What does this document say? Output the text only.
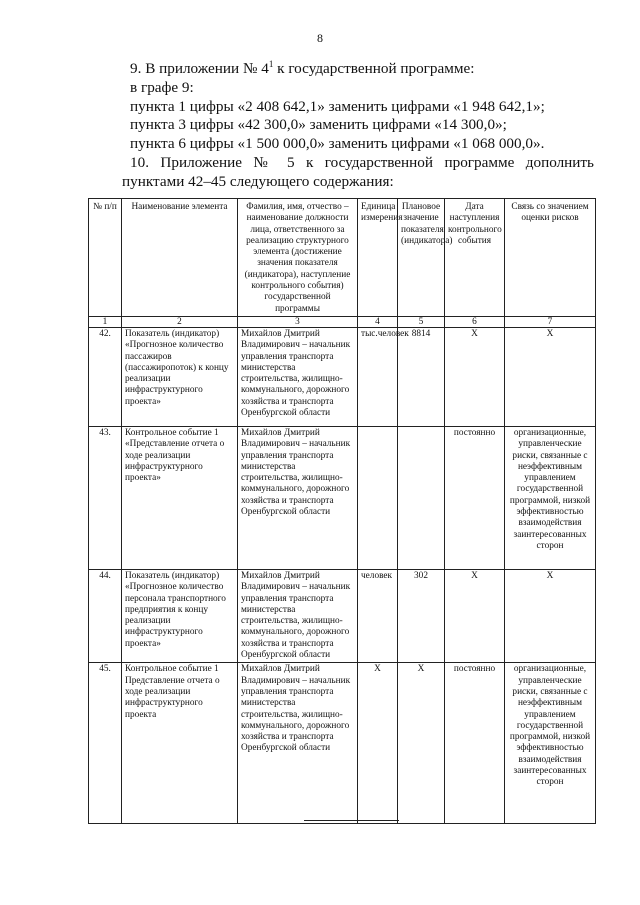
8

9. В приложении № $4^1$ к государственной программе:

в графе 9:

пункта 1 цифры «2 408 642,1» заменить цифрами «1 948 642,1»;

пункта 3 цифры «42 300,0» заменить цифрами «14 300,0»;

пункта 6 цифры «1 500 000,0» заменить цифрами «1 068 000,0».

10. Приложение № 5 к государственной программе дополнить

пунктами 42–45 следующего содержания:

№ п/п	Наименование элемента	Фамилия, имя, отчество – наименование должности лица, ответственного за реализацию структурного элемента (достижение значения показателя (индикатора), наступление контрольного события) государственной программы	Единица измерения	Плановое значение показателя (индикатора)	Дата наступления контрольного события	Связь со значением оценки рисков
1	2	3	4	5	6	7
42.	Показатель (индикатор) «Прогнозное количество пассажиров (пассажиропоток) к концу реализации инфраструктурного проекта»	Михайлов Дмитрий Владимирович – начальник управления транспорта министерства строительства, жилищно-коммунального, дорожного хозяйства и транспорта Оренбургской области	тыс.человек	8814	Х	Х
43.	Контрольное событие 1 «Представление отчета о ходе реализации инфраструктурного проекта»	Михайлов Дмитрий Владимирович – начальник управления транспорта министерства строительства, жилищно-коммунального, дорожного хозяйства и транспорта Оренбургской области			постоянно	организационные, управленческие риски, связанные с неэффективным управлением государственной программой, низкой эффективностью взаимодействия заинтересованных сторон
44.	Показатель (индикатор) «Прогнозное количество персонала транспортного предприятия к концу реализации инфраструктурного проекта»	Михайлов Дмитрий Владимирович – начальник управления транспорта министерства строительства, жилищно-коммунального, дорожного хозяйства и транспорта Оренбургской области	человек	302	Х	Х
45.	Контрольное событие 1 Представление отчета о ходе реализации инфраструктурного проекта	Михайлов Дмитрий Владимирович – начальник управления транспорта министерства строительства, жилищно-коммунального, дорожного хозяйства и транспорта Оренбургской области	Х	Х	постоянно	организационные, управленческие риски, связанные с неэффективным управлением государственной программой, низкой эффективностью взаимодействия заинтересованных сторон
